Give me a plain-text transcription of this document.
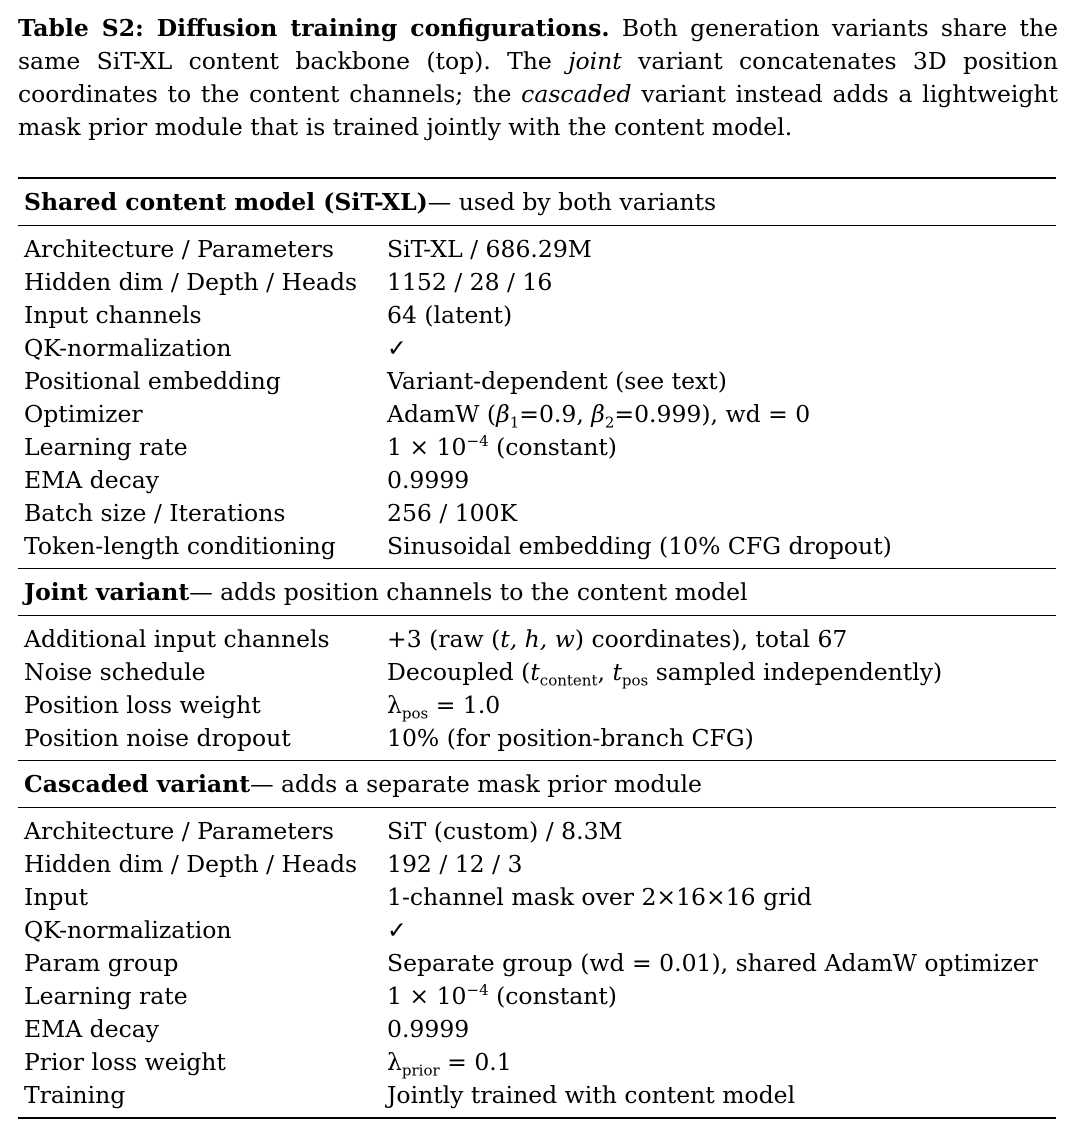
Table S2: Diffusion training configurations. Both generation variants share the same SiT-XL content backbone (top). The joint variant concatenates 3D position coordinates to the content channels; the cascaded variant instead adds a lightweight mask prior module that is trained jointly with the content model.
Shared content model (SiT-XL) — used by both variants
Architecture / Parameters	SiT-XL / 686.29M
Hidden dim / Depth / Heads	1152 / 28 / 16
Input channels	64 (latent)
QK-normalization	✓
Positional embedding	Variant-dependent (see text)
Optimizer	AdamW ($\beta_1=0.9$, $\beta_2=0.999$), wd = 0
Learning rate	$1 \times 10^{-4}$ (constant)
EMA decay	0.9999
Batch size / Iterations	256 / 100K
Token-length conditioning	Sinusoidal embedding (10% CFG dropout)
Joint variant — adds position channels to the content model
Additional input channels	+3 (raw (t, h, w) coordinates), total 67
Noise schedule	Decoupled ($t_{content}$, $t_{pos}$ sampled independently)
Position loss weight	$\lambda_{pos} = 1.0$
Position noise dropout	10% (for position-branch CFG)
Cascaded variant — adds a separate mask prior module
Architecture / Parameters	SiT (custom) / 8.3M
Hidden dim / Depth / Heads	192 / 12 / 3
Input	1-channel mask over 2×16×16 grid
QK-normalization	✓
Param group	Separate group (wd = 0.01), shared AdamW optimizer
Learning rate	$1 \times 10^{-4}$ (constant)
EMA decay	0.9999
Prior loss weight	$\lambda_{prior} = 0.1$
Training	Jointly trained with content model
